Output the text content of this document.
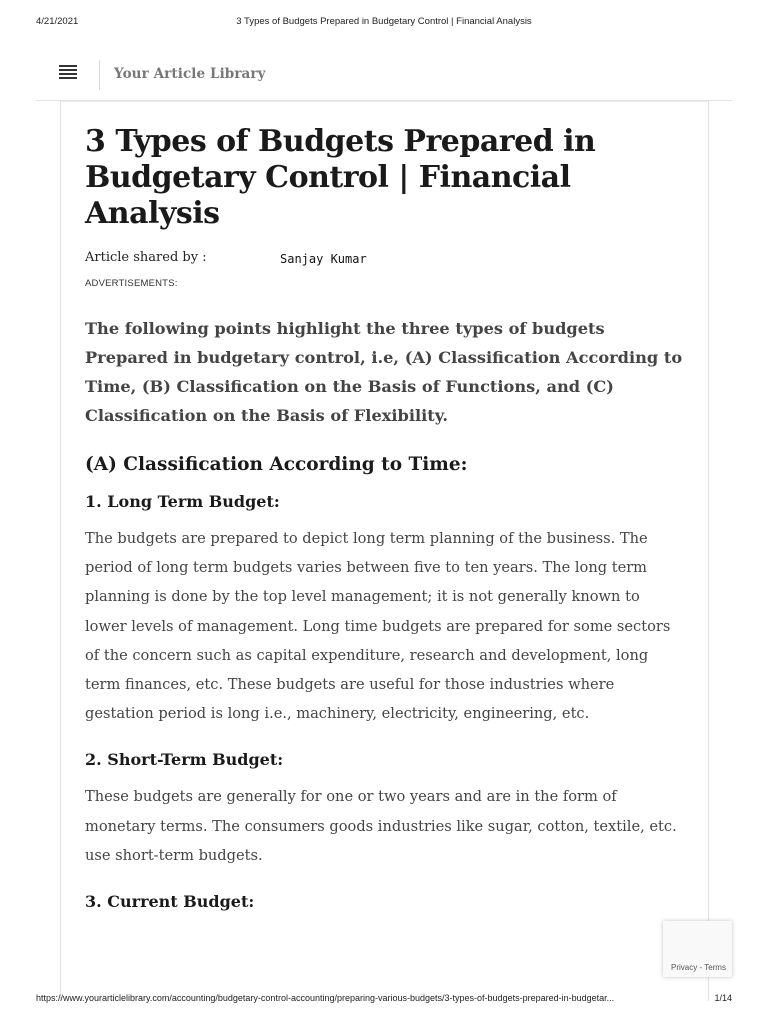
4/21/2021	3 Types of Budgets Prepared in Budgetary Control | Financial Analysis
Your Article Library
3 Types of Budgets Prepared in Budgetary Control | Financial Analysis
Article shared by :	Sanjay Kumar
ADVERTISEMENTS:
The following points highlight the three types of budgets Prepared in budgetary control, i.e, (A) Classification According to Time, (B) Classification on the Basis of Functions, and (C) Classification on the Basis of Flexibility.
(A) Classification According to Time:
1. Long Term Budget:

The budgets are prepared to depict long term planning of the business. The period of long term budgets varies between five to ten years. The long term planning is done by the top level management; it is not generally known to lower levels of management. Long time budgets are prepared for some sectors of the concern such as capital expenditure, research and development, long term finances, etc. These budgets are useful for those industries where gestation period is long i.e., machinery, electricity, engineering, etc.

2. Short-Term Budget:

These budgets are generally for one or two years and are in the form of monetary terms. The consumers goods industries like sugar, cotton, textile, etc. use short-term budgets.

3. Current Budget:
Privacy - Terms
https://www.yourarticlelibrary.com/accounting/budgetary-control-accounting/preparing-various-budgets/3-types-of-budgets-prepared-in-budgetar...	1/14
